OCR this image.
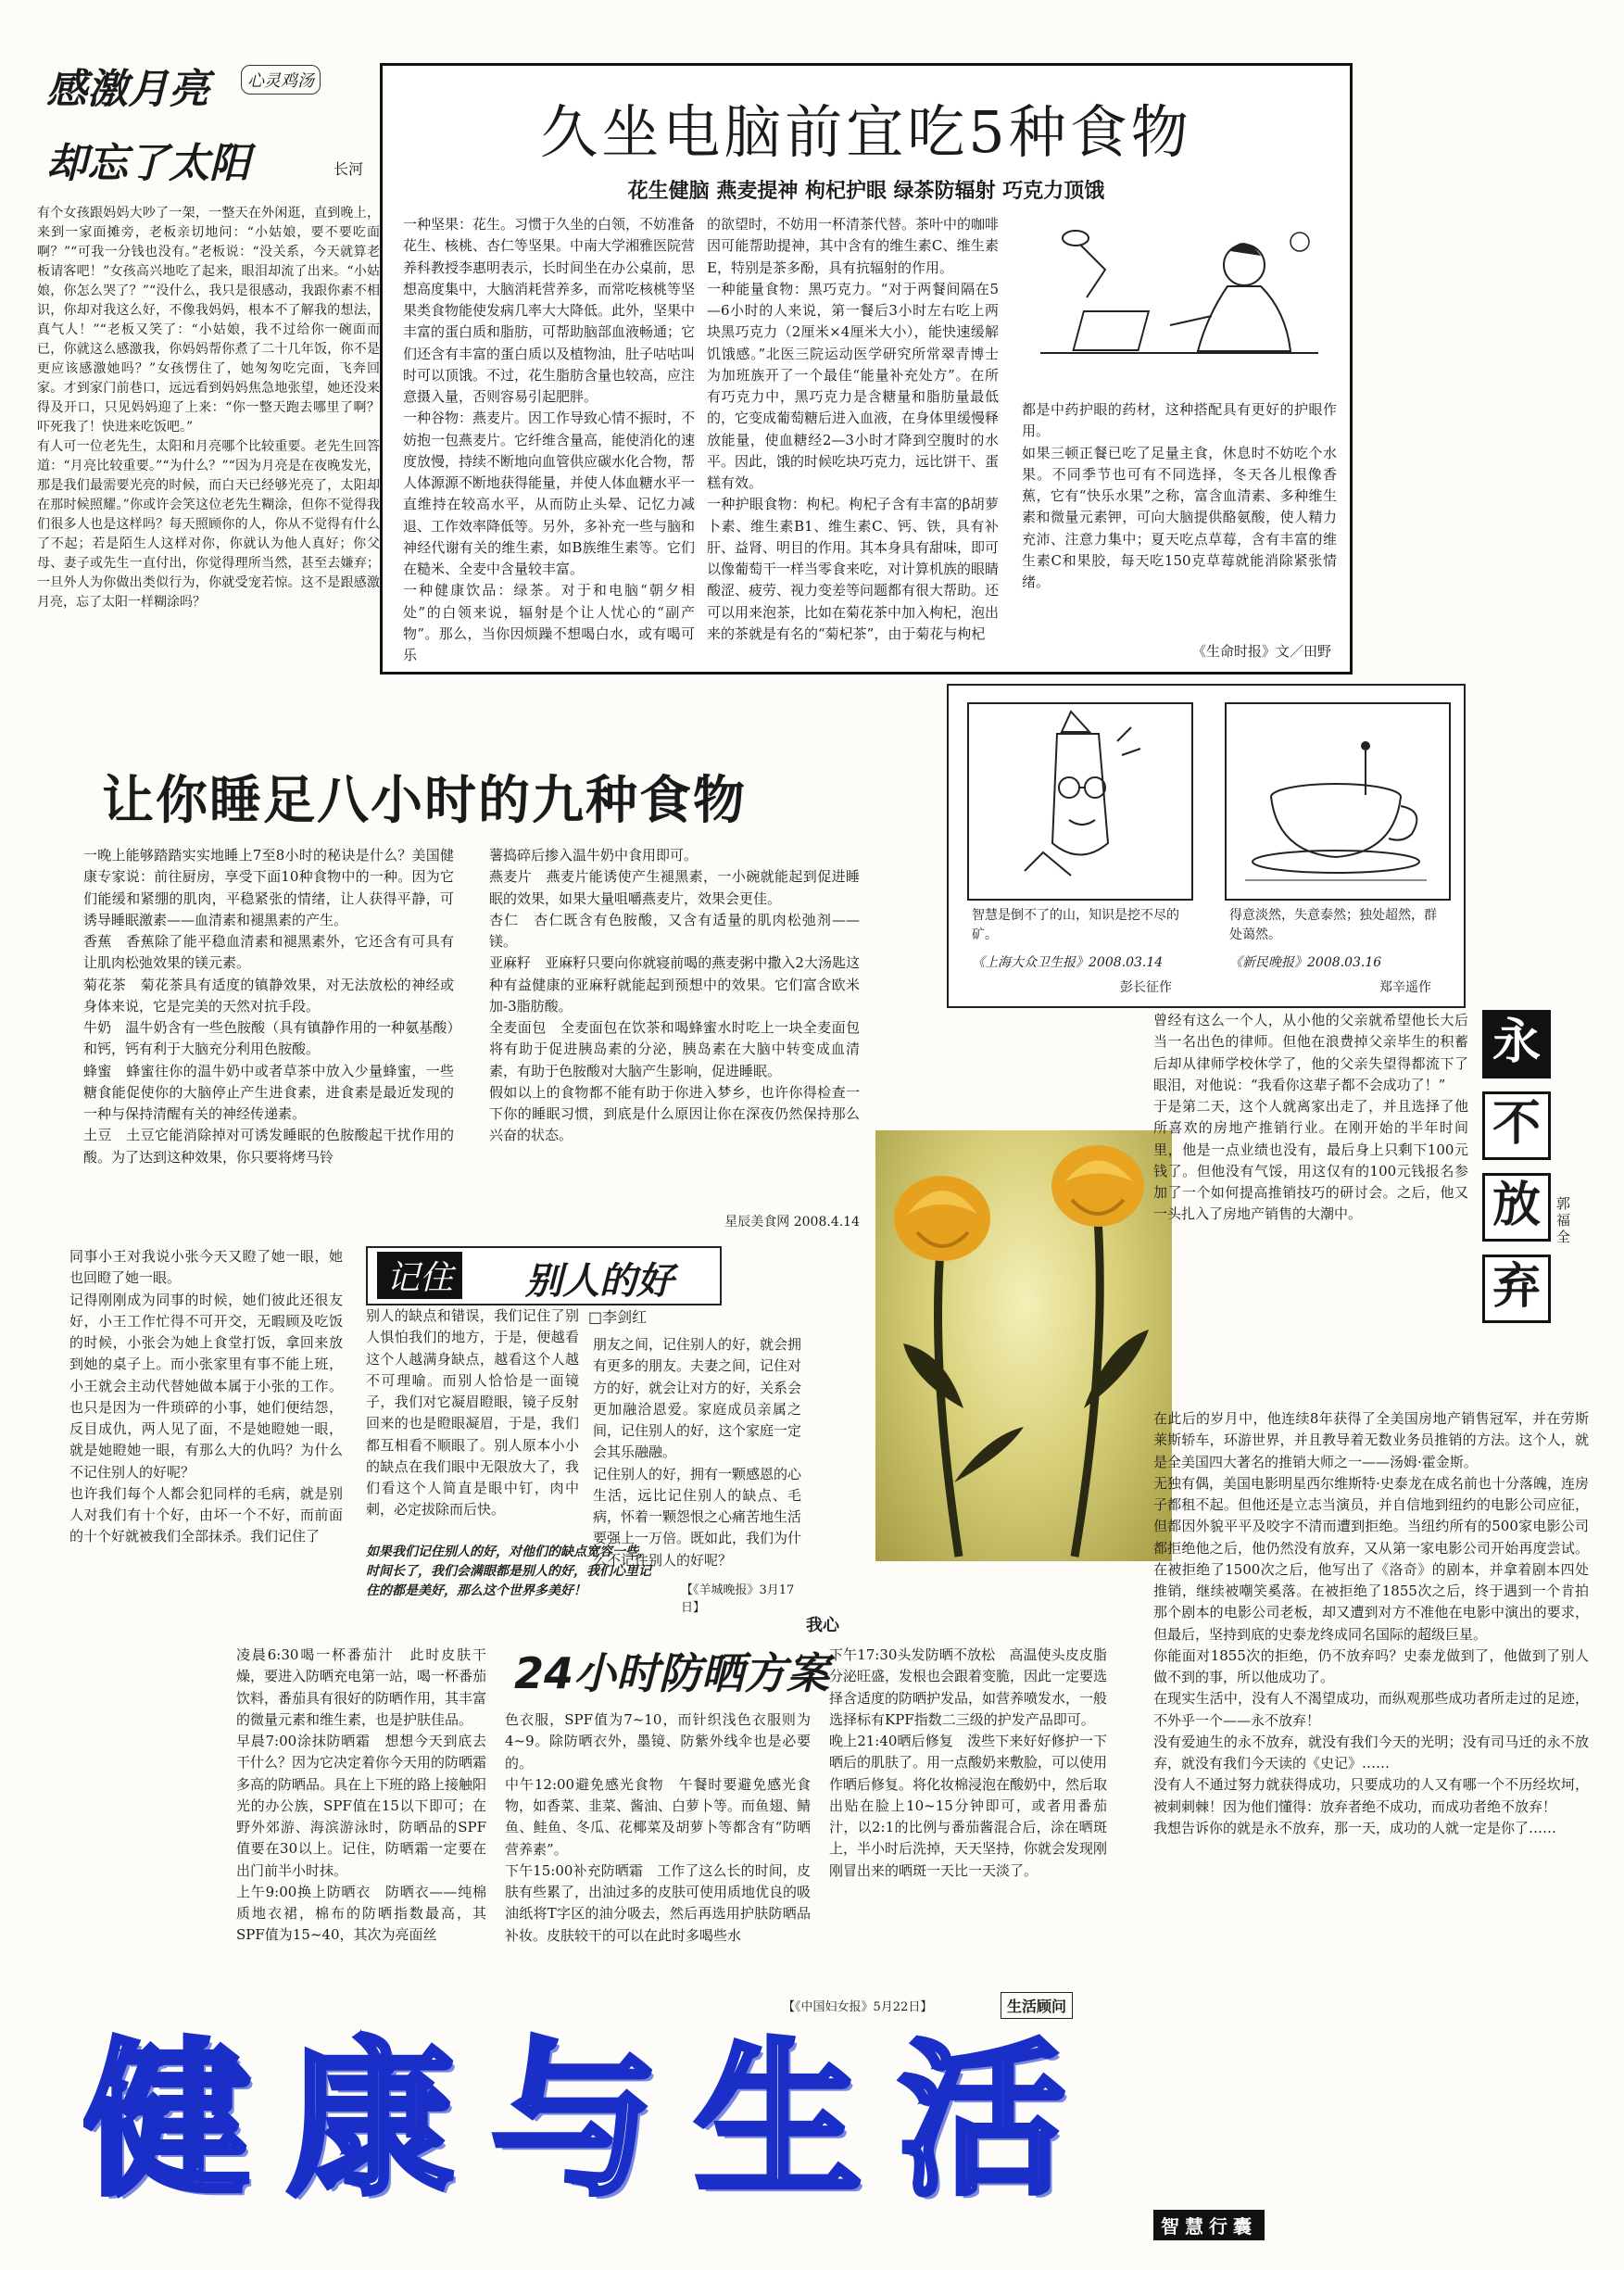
感激月亮	心灵鸡汤
却忘了太阳	长河
有个女孩跟妈妈大吵了一架，一整天在外闲逛，直到晚上，来到一家面摊旁，老板亲切地问：“小姑娘，要不要吃面啊？”“可我一分钱也没有。”老板说：“没关系，今天就算老板请客吧！”女孩高兴地吃了起来，眼泪却流了出来。“小姑娘，你怎么哭了？”“没什么，我只是很感动，我跟你素不相识，你却对我这么好，不像我妈妈，根本不了解我的想法，真气人！”“老板又笑了：“小姑娘，我不过给你一碗面而已，你就这么感激我，你妈妈帮你煮了二十几年饭，你不是更应该感激她吗？”女孩愣住了，她匆匆吃完面，飞奔回家。才到家门前巷口，远远看到妈妈焦急地张望，她还没来得及开口，只见妈妈迎了上来：“你一整天跑去哪里了啊？吓死我了！快进来吃饭吧。”
有人可一位老先生，太阳和月亮哪个比较重要。老先生回答道：“月亮比较重要。”“为什么？”“因为月亮是在夜晚发光，那是我们最需要光亮的时候，而白天已经够光亮了，太阳却在那时候照耀。”你或许会笑这位老先生糊涂，但你不觉得我们很多人也是这样吗？每天照顾你的人，你从不觉得有什么了不起；若是陌生人这样对你，你就认为他人真好；你父母、妻子或先生一直付出，你觉得理所当然，甚至去嫌弃；一旦外人为你做出类似行为，你就受宠若惊。这不是跟感激月亮，忘了太阳一样糊涂吗？
久坐电脑前宜吃5种食物
花生健脑 燕麦提神 枸杞护眼 绿茶防辐射 巧克力顶饿
一种坚果：花生。习惯于久坐的白领，不妨准备花生、核桃、杏仁等坚果。中南大学湘雅医院营养科教授李惠明表示，长时间坐在办公桌前，思想高度集中，大脑消耗营养多，而常吃核桃等坚果类食物能使发病几率大大降低。此外，坚果中丰富的蛋白质和脂肪，可帮助脑部血液畅通；它们还含有丰富的蛋白质以及植物油，肚子咕咕叫时可以顶饿。不过，花生脂肪含量也较高，应注意摄入量，否则容易引起肥胖。
一种谷物：燕麦片。因工作导致心情不振时，不妨抱一包燕麦片。它纤维含量高，能使消化的速度放慢，持续不断地向血管供应碳水化合物，帮人体源源不断地获得能量，并使人体血糖水平一直维持在较高水平，从而防止头晕、记忆力减退、工作效率降低等。另外，多补充一些与脑和神经代谢有关的维生素，如B族维生素等。它们在糙米、全麦中含量较丰富。
一种健康饮品：绿茶。对于和电脑“朝夕相处”的白领来说，辐射是个让人忧心的“副产物”。那么，当你因烦躁不想喝白水，或有喝可乐
的欲望时，不妨用一杯清茶代替。茶叶中的咖啡因可能帮助提神，其中含有的维生素C、维生素E，特别是茶多酚，具有抗辐射的作用。
一种能量食物：黑巧克力。“对于两餐间隔在5—6小时的人来说，第一餐后3小时左右吃上两块黑巧克力（2厘米×4厘米大小），能快速缓解饥饿感。”北医三院运动医学研究所常翠青博士为加班族开了一个最佳“能量补充处方”。在所有巧克力中，黑巧克力是含糖量和脂肪量最低的，它变成葡萄糖后进入血液，在身体里缓慢释放能量，使血糖经2—3小时才降到空腹时的水平。因此，饿的时候吃块巧克力，远比饼干、蛋糕有效。
一种护眼食物：枸杞。枸杞子含有丰富的β胡萝卜素、维生素B1、维生素C、钙、铁，具有补肝、益肾、明目的作用。其本身具有甜味，即可以像葡萄干一样当零食来吃，对计算机族的眼睛酸涩、疲劳、视力变差等问题都有很大帮助。还可以用来泡茶，比如在菊花茶中加入枸杞，泡出来的茶就是有名的“菊杞茶”，由于菊花与枸杞
都是中药护眼的药材，这种搭配具有更好的护眼作用。
如果三顿正餐已吃了足量主食，休息时不妨吃个水果。不同季节也可有不同选择，冬天各儿根像香蕉，它有“快乐水果”之称，富含血清素、多种维生素和微量元素钾，可向大脑提供酪氨酸，使人精力充沛、注意力集中；夏天吃点草莓，含有丰富的维生素C和果胶，每天吃150克草莓就能消除紧张情绪。
《生命时报》文／田野
智慧是倒不了的山，知识是挖不尽的矿。
《上海大众卫生报》2008.03.14
彭长征作
得意淡然，失意泰然；独处超然，群处蔼然。
《新民晚报》2008.03.16
郑辛遥作
让你睡足八小时的九种食物
一晚上能够踏踏实实地睡上7至8小时的秘诀是什么？美国健康专家说：前往厨房，享受下面10种食物中的一种。因为它们能缓和紧绷的肌肉，平稳紧张的情绪，让人获得平静，可诱导睡眠激素——血清素和褪黑素的产生。
香蕉　香蕉除了能平稳血清素和褪黑素外，它还含有可具有让肌肉松弛效果的镁元素。
菊花茶　菊花茶具有适度的镇静效果，对无法放松的神经或身体来说，它是完美的天然对抗手段。
牛奶　温牛奶含有一些色胺酸（具有镇静作用的一种氨基酸）和钙，钙有利于大脑充分利用色胺酸。
蜂蜜　蜂蜜往你的温牛奶中或者草茶中放入少量蜂蜜，一些糖食能促使你的大脑停止产生进食素，进食素是最近发现的一种与保持清醒有关的神经传递素。
土豆　土豆它能消除掉对可诱发睡眠的色胺酸起干扰作用的酸。为了达到这种效果，你只要将烤马铃
薯捣碎后掺入温牛奶中食用即可。
燕麦片　燕麦片能诱使产生褪黑素，一小碗就能起到促进睡眠的效果，如果大量咀嚼燕麦片，效果会更佳。
杏仁　杏仁既含有色胺酸，又含有适量的肌肉松弛剂——镁。
亚麻籽　亚麻籽只要向你就寝前喝的燕麦粥中撒入2大汤匙这种有益健康的亚麻籽就能起到预想中的效果。它们富含欧米加-3脂肪酸。
全麦面包　全麦面包在饮茶和喝蜂蜜水时吃上一块全麦面包将有助于促进胰岛素的分泌，胰岛素在大脑中转变成血清素，有助于色胺酸对大脑产生影响，促进睡眠。
假如以上的食物都不能有助于你进入梦乡，也许你得检查一下你的睡眠习惯，到底是什么原因让你在深夜仍然保持那么兴奋的状态。
星辰美食网 2008.4.14
同事小王对我说小张今天又瞪了她一眼，她也回瞪了她一眼。
记得刚刚成为同事的时候，她们彼此还很友好，小王工作忙得不可开交，无暇顾及吃饭的时候，小张会为她上食堂打饭，拿回来放到她的桌子上。而小张家里有事不能上班，小王就会主动代替她做本属于小张的工作。也只是因为一件琐碎的小事，她们便结怨，反目成仇，两人见了面，不是她瞪她一眼，就是她瞪她一眼，有那么大的仇吗？为什么不记住别人的好呢？
也许我们每个人都会犯同样的毛病，就是别人对我们有十个好，由坏一个不好，而前面的十个好就被我们全部抹杀。我们记住了
记住 别人的好
□李剑红
别人的缺点和错误，我们记住了别人惧怕我们的地方，于是，便越看这个人越满身缺点，越看这个人越不可理喻。而别人恰恰是一面镜子，我们对它凝眉瞪眼，镜子反射回来的也是瞪眼凝眉，于是，我们都互相看不顺眼了。别人原本小小的缺点在我们眼中无限放大了，我们看这个人简直是眼中钉，肉中刺，必定拔除而后快。
如果我们记住别人的好，对他们的缺点宽容一些，时间长了，我们会满眼都是别人的好，我们心里记住的都是美好，那么这个世界多美好！
朋友之间，记住别人的好，就会拥有更多的朋友。夫妻之间，记住对方的好，就会让对方的好，关系会更加融洽恩爱。家庭成员亲属之间，记住别人的好，这个家庭一定会其乐融融。
记住别人的好，拥有一颗感恩的心生活，远比记住别人的缺点、毛病，怀着一颗怨恨之心痛苦地生活要强上一万倍。既如此，我们为什么不记住别人的好呢？
【《羊城晚报》3月17日】
我心
曾经有这么一个人，从小他的父亲就希望他长大后当一名出色的律师。但他在浪费掉父亲毕生的积蓄后却从律师学校休学了，他的父亲失望得都流下了眼泪，对他说：“我看你这辈子都不会成功了！”
于是第二天，这个人就离家出走了，并且选择了他所喜欢的房地产推销行业。在刚开始的半年时间里，他是一点业绩也没有，最后身上只剩下100元钱了。但他没有气馁，用这仅有的100元钱报名参加了一个如何提高推销技巧的研讨会。之后，他又一头扎入了房地产销售的大潮中。
永
不
放
弃
郭福全
在此后的岁月中，他连续8年获得了全美国房地产销售冠军，并在劳斯莱斯轿车，环游世界，并且教导着无数业务员推销的方法。这个人，就是全美国四大著名的推销大师之一——汤姆·霍金斯。
无独有偶，美国电影明星西尔维斯特·史泰龙在成名前也十分落魄，连房子都租不起。但他还是立志当演员，并自信地到纽约的电影公司应征，但都因外貌平平及咬字不清而遭到拒绝。当纽约所有的500家电影公司都拒绝他之后，他仍然没有放弃，又从第一家电影公司开始再度尝试。在被拒绝了1500次之后，他写出了《洛奇》的剧本，并拿着剧本四处推销，继续被嘲笑奚落。在被拒绝了1855次之后，终于遇到一个肯拍那个剧本的电影公司老板，却又遭到对方不准他在电影中演出的要求，但最后，坚持到底的史泰龙终成同名国际的超级巨星。
你能面对1855次的拒绝，仍不放弃吗？史泰龙做到了，他做到了别人做不到的事，所以他成功了。
在现实生活中，没有人不渴望成功，而纵观那些成功者所走过的足迹，不外乎一个——永不放弃！
没有爱迪生的永不放弃，就没有我们今天的光明；没有司马迁的永不放弃，就没有我们今天读的《史记》……
没有人不通过努力就获得成功，只要成功的人又有哪一个不历经坎坷，被刺刺棘！因为他们懂得：放弃者绝不成功，而成功者绝不放弃！
我想告诉你的就是永不放弃，那一天，成功的人就一定是你了……
智慧行囊
凌晨6:30喝一杯番茄汁　此时皮肤干燥，要进入防晒充电第一站，喝一杯番茄饮料，番茄具有很好的防晒作用，其丰富的微量元素和维生素，也是护肤佳品。
早晨7:00涂抹防晒霜　想想今天到底去干什么？因为它决定着你今天用的防晒霜多高的防晒品。具在上下班的路上接触阳光的办公族，SPF值在15以下即可；在野外郊游、海滨游泳时，防晒品的SPF值要在30以上。记住，防晒霜一定要在出门前半小时抹。
上午9:00换上防晒衣　防晒衣——纯棉质地衣裙，棉布的防晒指数最高，其SPF值为15~40，其次为亮面丝
24小时防晒方案
色衣服，SPF值为7~10，而针织浅色衣服则为4~9。除防晒衣外，墨镜、防紫外线伞也是必要的。
中午12:00避免感光食物　午餐时要避免感光食物，如香菜、韭菜、酱油、白萝卜等。而鱼翅、鲭鱼、鲑鱼、冬瓜、花椰菜及胡萝卜等都含有“防晒营养素”。
下午15:00补充防晒霜　工作了这么长的时间，皮肤有些累了，出油过多的皮肤可使用质地优良的吸油纸将T字区的油分吸去，然后再选用护肤防晒品补妆。皮肤较干的可以在此时多喝些水
下午17:30头发防晒不放松　高温使头皮皮脂分泌旺盛，发根也会跟着变脆，因此一定要选择含适度的防晒护发品，如营养喷发水，一般选择标有KPF指数二三级的护发产品即可。
晚上21:40晒后修复　泼些下来好好修护一下晒后的肌肤了。用一点酸奶来敷脸，可以使用作晒后修复。将化妆棉浸泡在酸奶中，然后取出贴在脸上10~15分钟即可，或者用番茄汁，以2:1的比例与番茄酱混合后，涂在晒斑上，半小时后洗掉，天天坚持，你就会发现刚刚冒出来的晒斑一天比一天淡了。
【《中国妇女报》5月22日】	生活顾问
健康与生活
